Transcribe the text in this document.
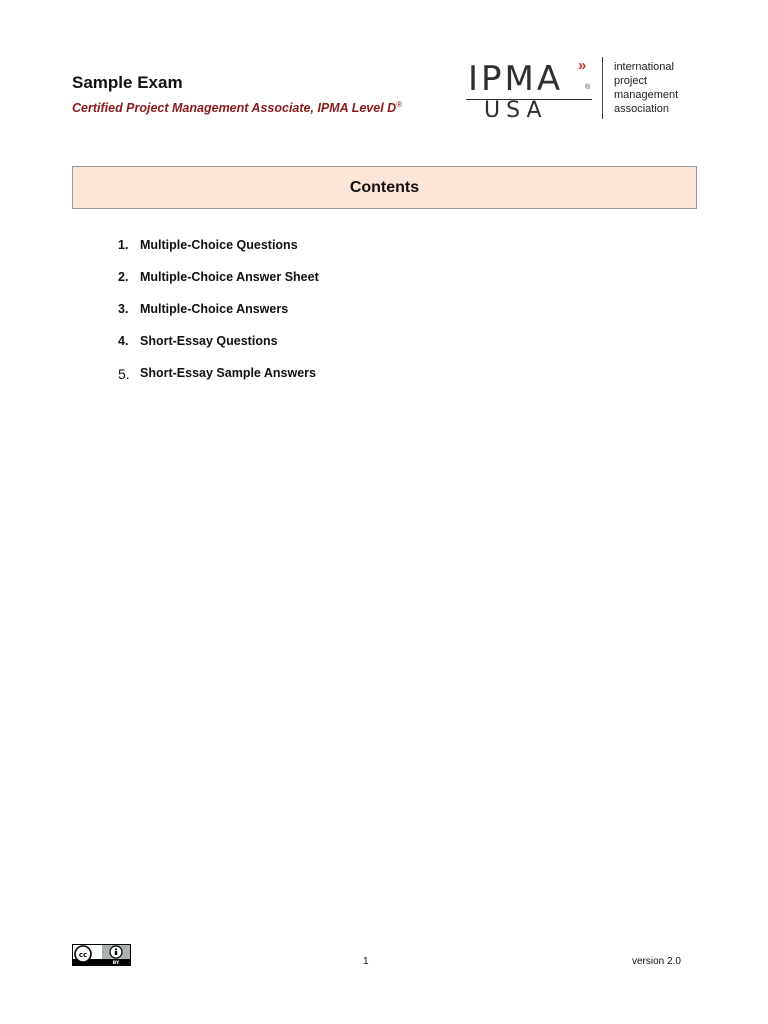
Sample Exam
Certified Project Management Associate, IPMA Level D®
IPMA »
®
USA
international
project
management
association
Contents
1. Multiple-Choice Questions
2. Multiple-Choice Answer Sheet
3. Multiple-Choice Answers
4. Short-Essay Questions
5. Short-Essay Sample Answers
cc
BY	1	version 2.0
